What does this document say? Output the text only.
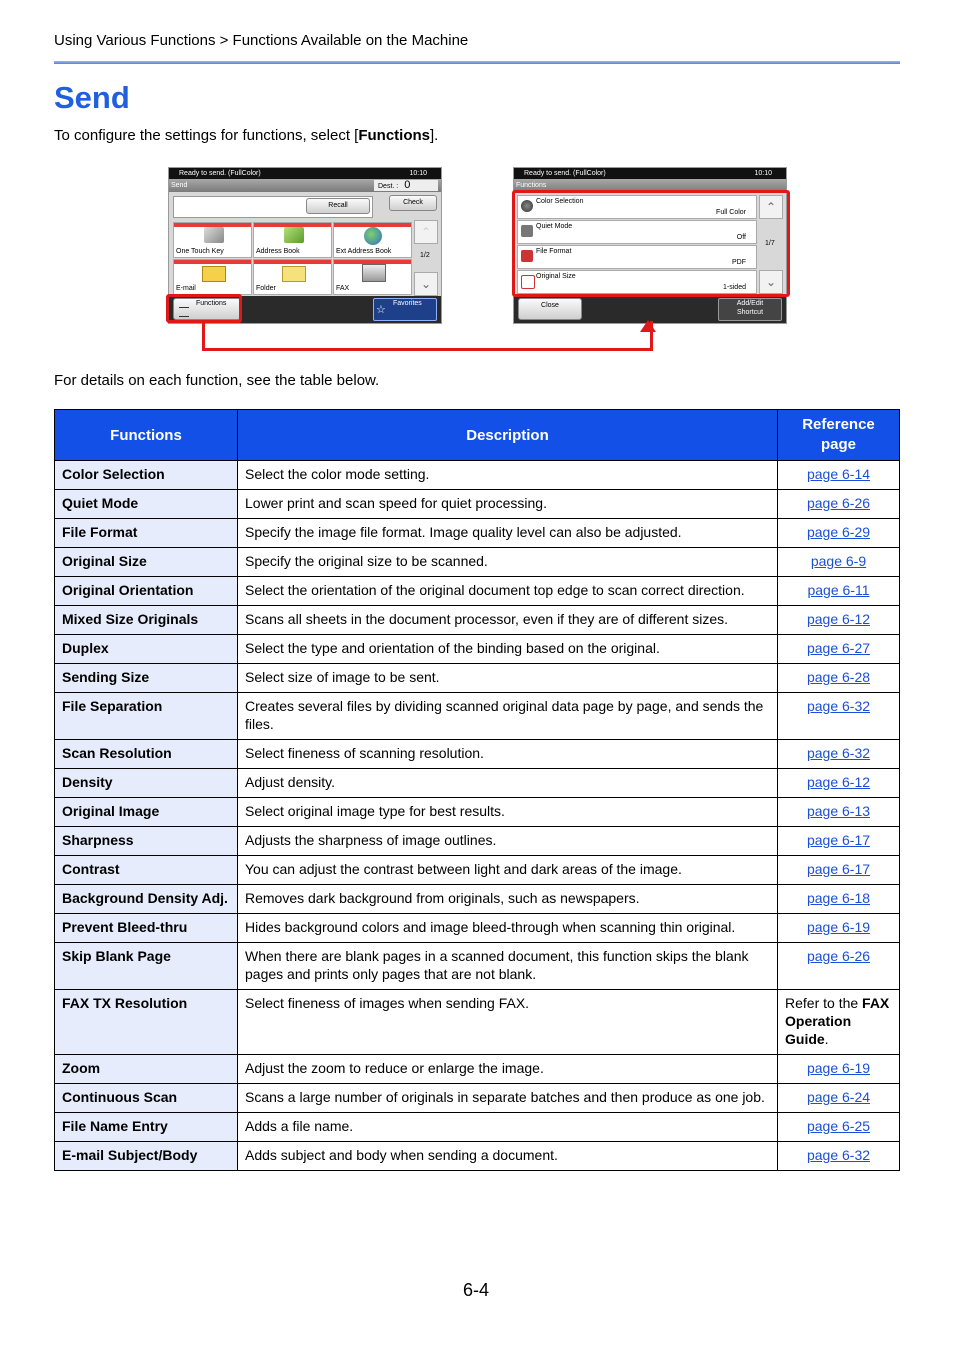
Using Various Functions > Functions Available on the Machine
Send
To configure the settings for functions, select [Functions].
Ready to send. (FullColor)	10:10
Send	Dest. : 0
Recall	Check
One Touch Key	Address Book	Ext Address Book
E-mail	Folder	FAX
⌃
1/2
⌄
Functions
☆
Favorites
Ready to send. (FullColor)	10:10
Functions
Color Selection
Full Color
Quiet Mode
Off
File Format
PDF
Original Size
1-sided
⌃
1/7
⌄
Close	Add/Edit
Shortcut
For details on each function, see the table below.
Functions	Description	Reference
page
Color Selection	Select the color mode setting.	page 6-14
Quiet Mode	Lower print and scan speed for quiet processing.	page 6-26
File Format	Specify the image file format. Image quality level can also be adjusted.	page 6-29
Original Size	Specify the original size to be scanned.	page 6-9
Original Orientation	Select the orientation of the original document top edge to scan correct direction.	page 6-11
Mixed Size Originals	Scans all sheets in the document processor, even if they are of different sizes.	page 6-12
Duplex	Select the type and orientation of the binding based on the original.	page 6-27
Sending Size	Select size of image to be sent.	page 6-28
File Separation	Creates several files by dividing scanned original data page by page, and sends the files.	page 6-32
Scan Resolution	Select fineness of scanning resolution.	page 6-32
Density	Adjust density.	page 6-12
Original Image	Select original image type for best results.	page 6-13
Sharpness	Adjusts the sharpness of image outlines.	page 6-17
Contrast	You can adjust the contrast between light and dark areas of the image.	page 6-17
Background Density Adj.	Removes dark background from originals, such as newspapers.	page 6-18
Prevent Bleed-thru	Hides background colors and image bleed-through when scanning thin original.	page 6-19
Skip Blank Page	When there are blank pages in a scanned document, this function skips the blank pages and prints only pages that are not blank.	page 6-26
FAX TX Resolution	Select fineness of images when sending FAX.	Refer to the FAX Operation Guide.
Zoom	Adjust the zoom to reduce or enlarge the image.	page 6-19
Continuous Scan	Scans a large number of originals in separate batches and then produce as one job.	page 6-24
File Name Entry	Adds a file name.	page 6-25
E-mail Subject/Body	Adds subject and body when sending a document.	page 6-32
6-4
